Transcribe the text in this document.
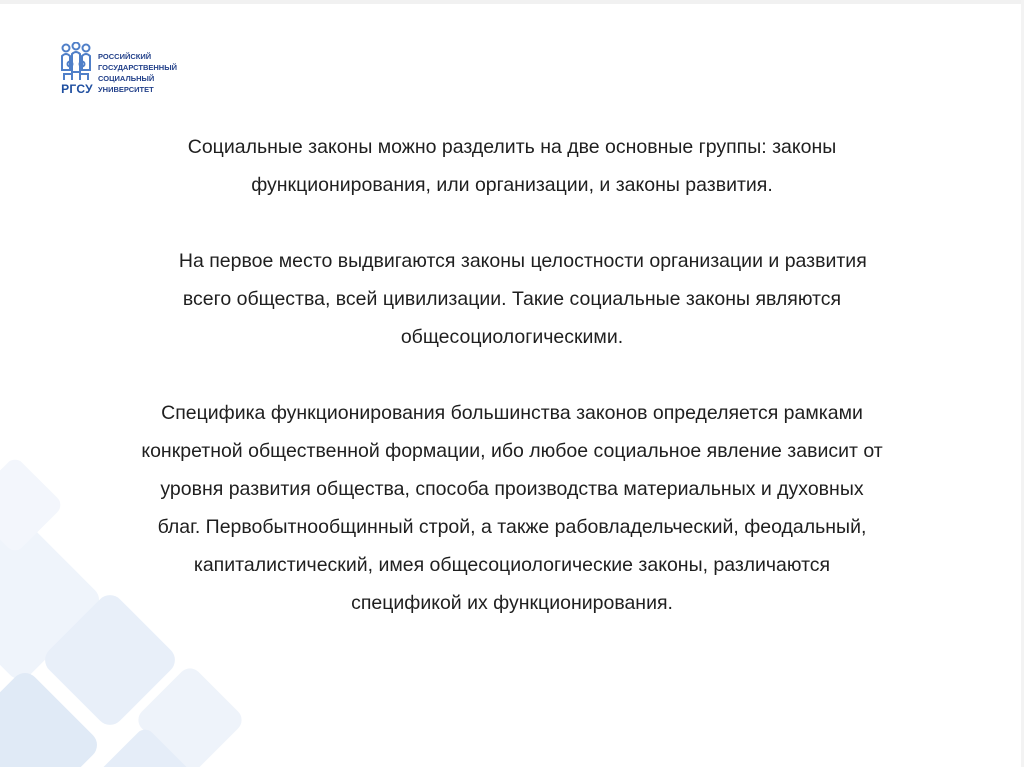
РГСУ
РОССИЙСКИЙ
ГОСУДАРСТВЕННЫЙ
СОЦИАЛЬНЫЙ
УНИВЕРСИТЕТ

Социальные законы можно разделить на две основные группы: законы
функционирования, или организации, и законы развития.

На первое место выдвигаются законы целостности организации и развития
всего общества, всей цивилизации. Такие социальные законы являются
общесоциологическими.

Специфика функционирования большинства законов определяется рамками
конкретной общественной формации, ибо любое социальное явление зависит от
уровня развития общества, способа производства материальных и духовных
благ. Первобытнообщинный строй, а также рабовладельческий, феодальный,
капиталистический, имея общесоциологические законы, различаются
спецификой их функционирования.
